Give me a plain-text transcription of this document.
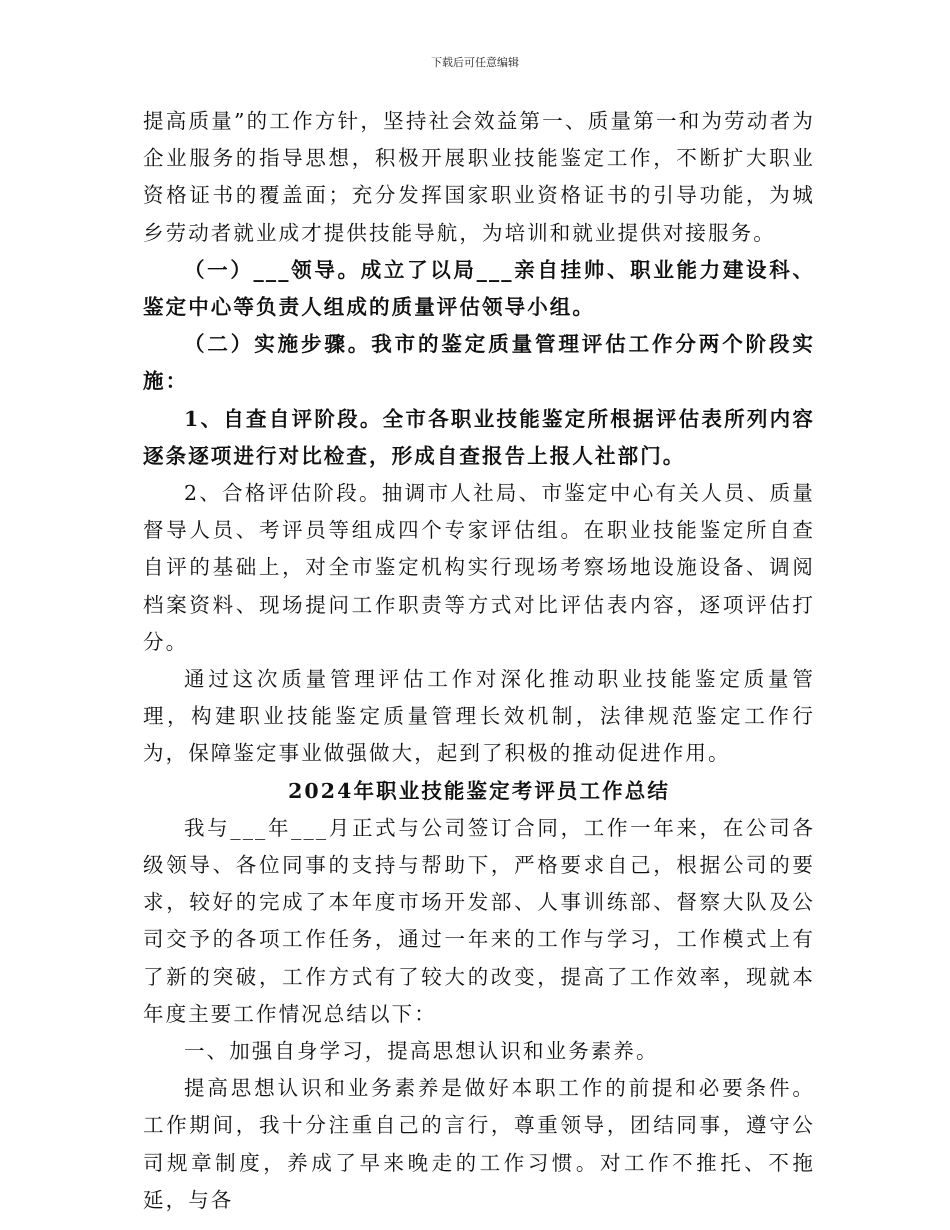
下载后可任意编辑

提高质量”的工作方针，坚持社会效益第一、质量第一和为劳动者为企业服务的指导思想，积极开展职业技能鉴定工作，不断扩大职业资格证书的覆盖面；充分发挥国家职业资格证书的引导功能，为城乡劳动者就业成才提供技能导航，为培训和就业提供对接服务。

（一）___领导。成立了以局___亲自挂帅、职业能力建设科、鉴定中心等负责人组成的质量评估领导小组。

（二）实施步骤。我市的鉴定质量管理评估工作分两个阶段实施：

1、自查自评阶段。全市各职业技能鉴定所根据评估表所列内容逐条逐项进行对比检查，形成自查报告上报人社部门。

2、合格评估阶段。抽调市人社局、市鉴定中心有关人员、质量督导人员、考评员等组成四个专家评估组。在职业技能鉴定所自查自评的基础上，对全市鉴定机构实行现场考察场地设施设备、调阅档案资料、现场提问工作职责等方式对比评估表内容，逐项评估打分。

通过这次质量管理评估工作对深化推动职业技能鉴定质量管理，构建职业技能鉴定质量管理长效机制，法律规范鉴定工作行为，保障鉴定事业做强做大，起到了积极的推动促进作用。

2024年职业技能鉴定考评员工作总结

我与___年___月正式与公司签订合同，工作一年来，在公司各级领导、各位同事的支持与帮助下，严格要求自己，根据公司的要求，较好的完成了本年度市场开发部、人事训练部、督察大队及公司交予的各项工作任务，通过一年来的工作与学习，工作模式上有了新的突破，工作方式有了较大的改变，提高了工作效率，现就本年度主要工作情况总结以下：

一、加强自身学习，提高思想认识和业务素养。

提高思想认识和业务素养是做好本职工作的前提和必要条件。工作期间，我十分注重自己的言行，尊重领导，团结同事，遵守公司规章制度，养成了早来晚走的工作习惯。对工作不推托、不拖延，与各
